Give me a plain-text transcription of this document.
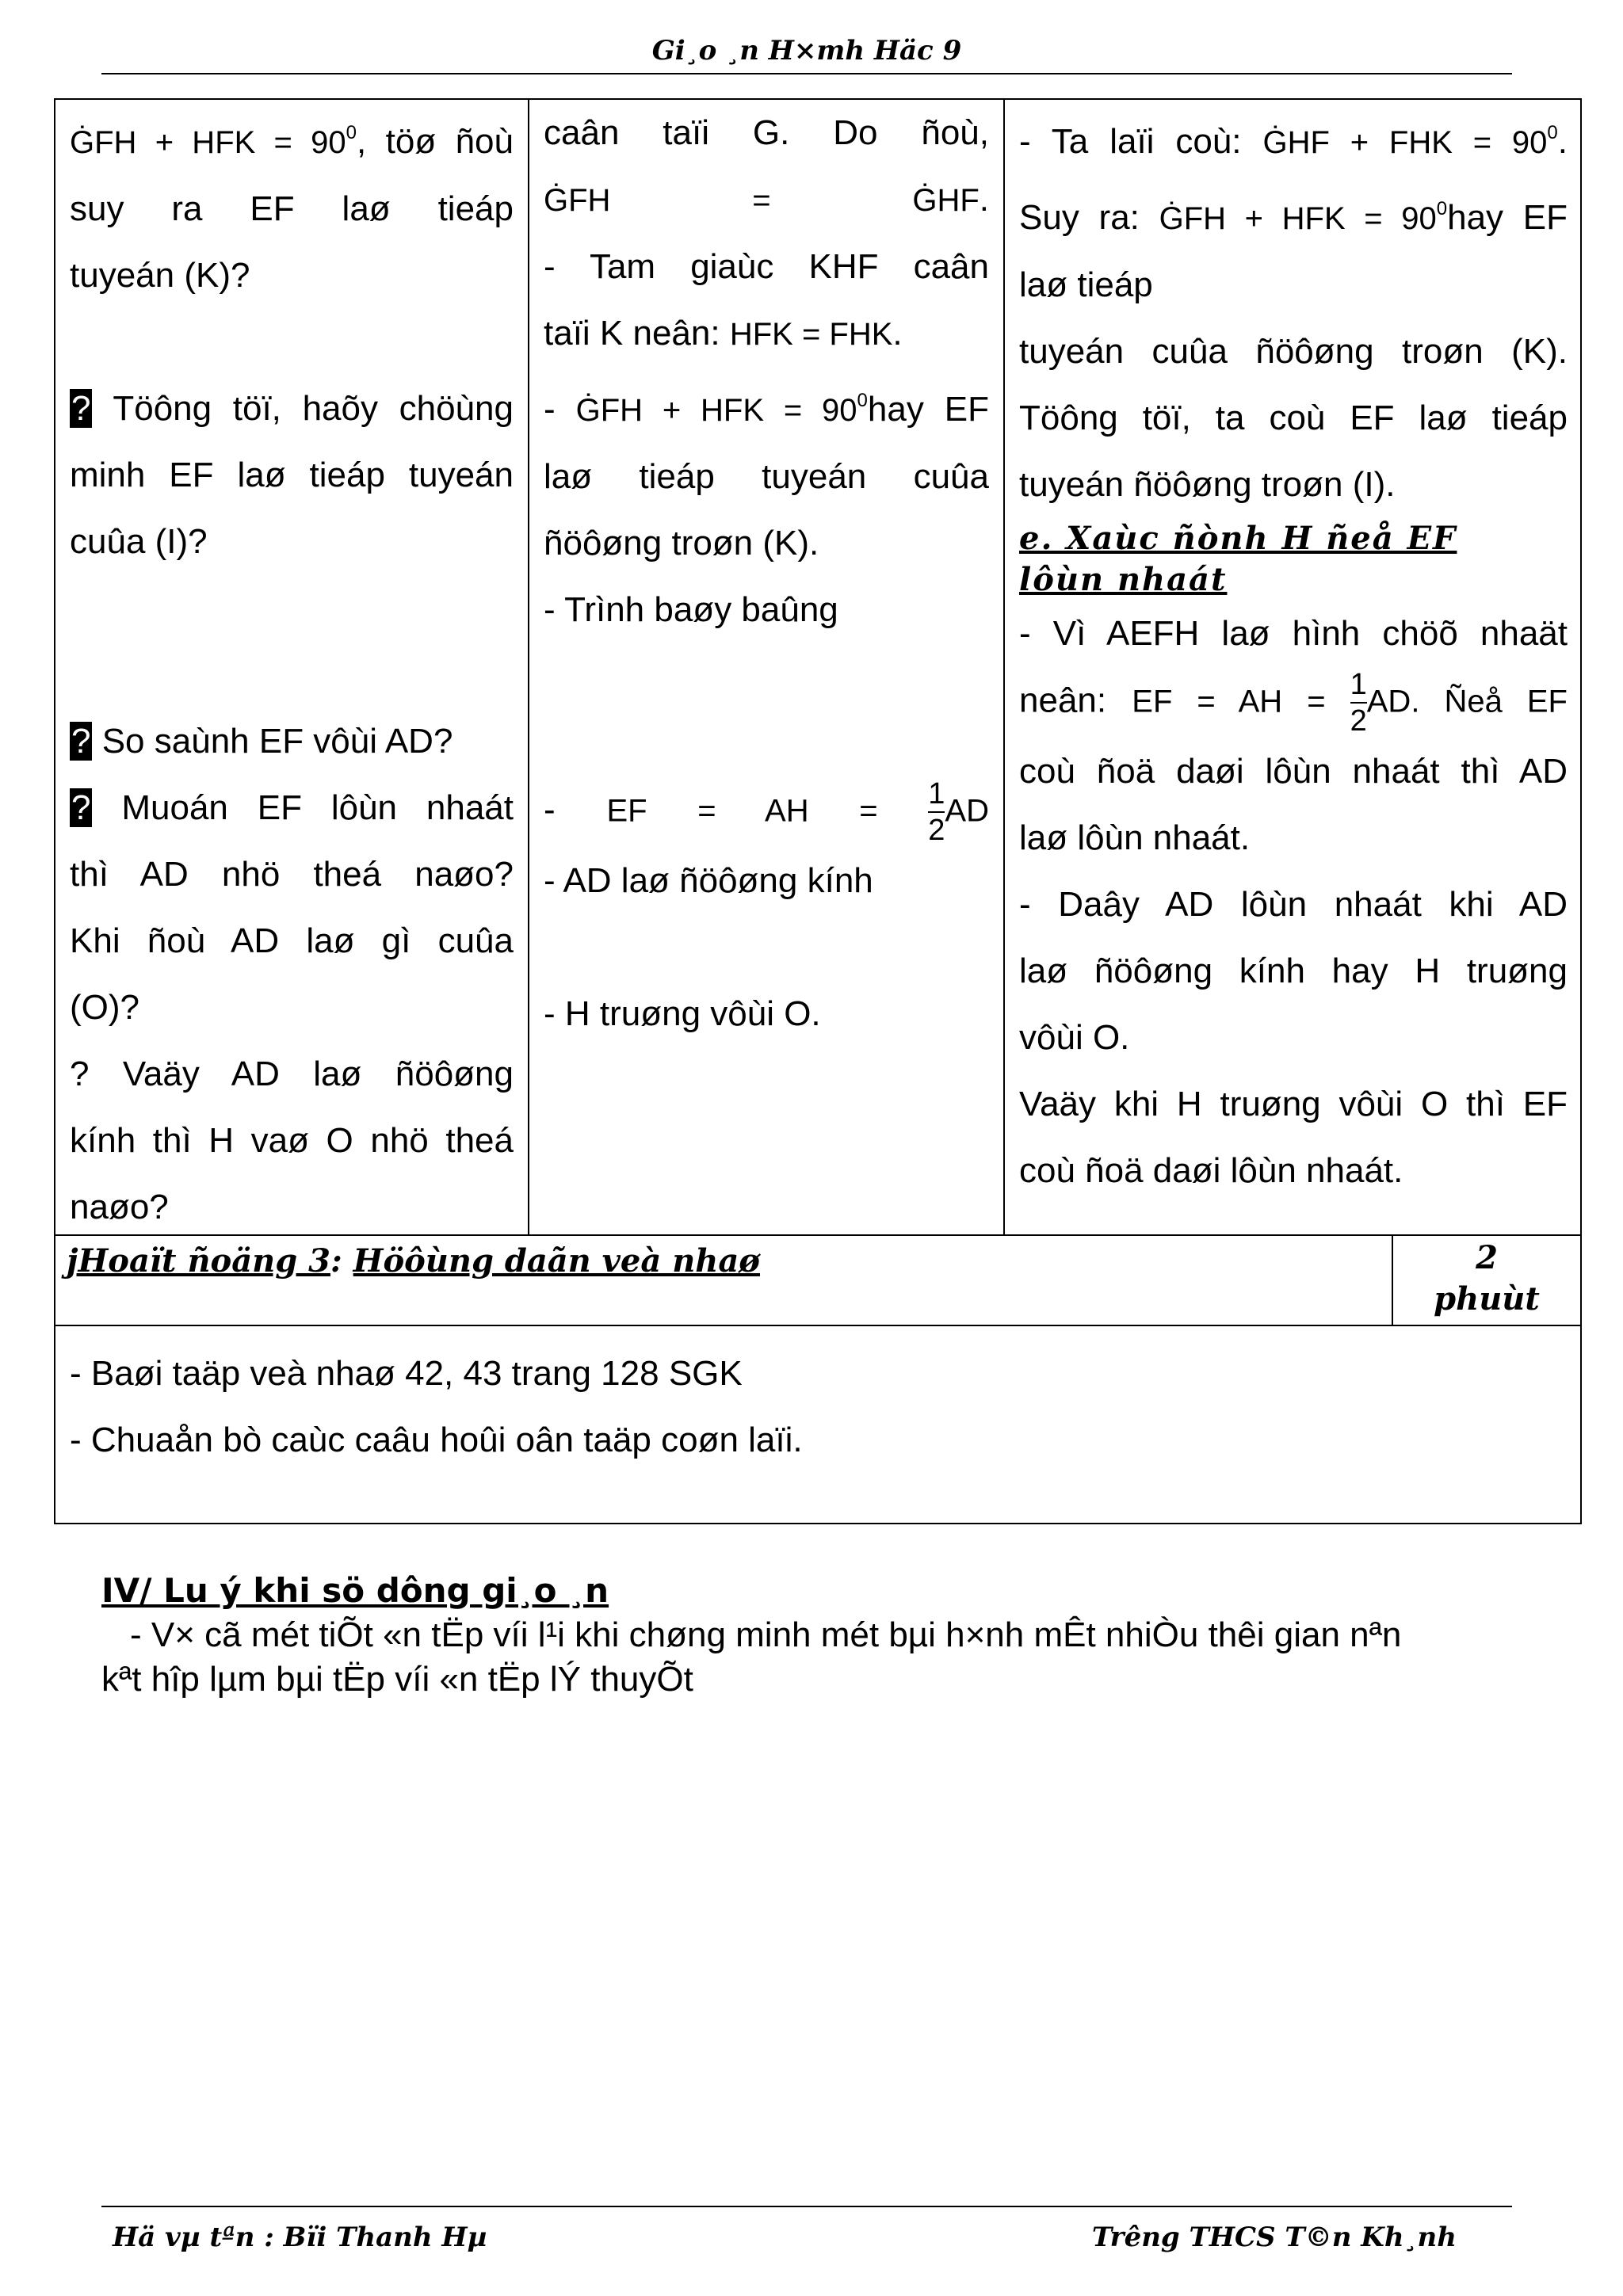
Gi¸o ¸n H×mh Häc 9
ĠFH + HFK = $90^0$, töø ñoù
suy ra EF laø tieáp
tuyeán (K)?
? Töông töï, haõy chöùng
minh EF laø tieáp tuyeán
cuûa (I)?
? So saùnh EF vôùi AD?
? Muoán EF lôùn nhaát
thì AD nhö theá naøo?
Khi ñoù AD laø gì cuûa
(O)?
? Vaäy AD laø ñöôøng
kính thì H vaø O nhö theá
naøo?
caân taïi G. Do ñoù,
ĠFH = ĠHF.
- Tam giaùc KHF caân
taïi K neân: HFK = FHK.
- ĠFH + HFK = $90^0hay$ EF
laø tieáp tuyeán cuûa
ñöôøng troøn (K).
- Trình baøy baûng
- EF = AH = $\frac{1}{2}$ AD
- AD laø ñöôøng kính
- H truøng vôùi O.
- Ta laïi coù: ĠHF + FHK = $90^0$.
Suy ra: ĠFH + HFK = $90^0hay$ EF
laø tieáp
tuyeán cuûa ñöôøng troøn (K).
Töông töï, ta coù EF laø tieáp
tuyeán ñöôøng troøn (I).
e. Xaùc ñònh H ñeå EF
lôùn nhaát
- Vì AEFH laø hình chöõ nhaät
neân: EF = AH = $\frac{1}{2}$ AD. Ñeå EF
coù ñoä daøi lôùn nhaát thì AD
laø lôùn nhaát.
- Daây AD lôùn nhaát khi AD
laø ñöôøng kính hay H truøng
vôùi O.
Vaäy khi H truøng vôùi O thì EF
coù ñoä daøi lôùn nhaát.
jHoaït ñoäng 3: Höôùng daãn veà nhaø	2
phuùt
- Baøi taäp veà nhaø 42, 43 trang 128 SGK
- Chuaån bò caùc caâu hoûi oân taäp coøn laïi.
IV/ Lu ý khi sö dông gi¸o ¸n
- V× cã mét tiÕt «n tËp víi l¹i khi chøng minh mét bµi h×nh mÊt nhiÒu thêi gian nªn
kªt hîp lµm bµi tËp víi «n tËp lÝ thuyÕt
Hä vµ tªn : Bïi Thanh Hµ	Trêng THCS T©n Kh¸nh
